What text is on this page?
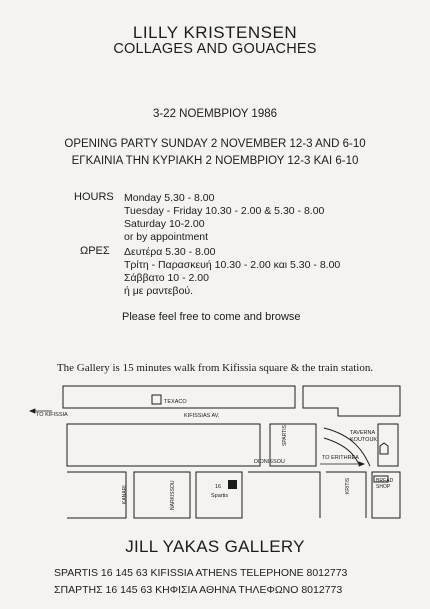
LILLY KRISTENSEN
COLLAGES AND GOUACHES
3-22 ΝΟΕΜΒΡΙΟΥ 1986
OPENING PARTY SUNDAY 2 NOVEMBER 12-3 AND 6-10
ΕΓΚΑΙΝΙΑ ΤΗΝ ΚΥΡΙΑΚΗ 2 ΝΟΕΜΒΡΙΟΥ 12-3 ΚΑΙ 6-10
HOURS Monday 5.30 - 8.00
Tuesday - Friday 10.30 - 2.00 & 5.30 - 8.00
Saturday 10-2.00
or by appointment
ΩΡΕΣ Δευτέρα 5.30 - 8.00
Τρίτη - Παρασκευή 10.30 - 2.00 και 5.30 - 8.00
Σάββατο 10 - 2.00
ή με ραντεβού.
Please feel free to come and browse
The Gallery is 15 minutes walk from Kifissia square & the train station.
TO KIFISSIA
TEXACO
KIFISSIAS AV.
SPARTIS	TAVERNA
KOUTOUKI
DIONISSOU
TO ERITHREA
BREAD
SHOP
KANARI	NARKISSOU	16
Spartis
KRITIS
JILL YAKAS GALLERY
SPARTIS 16 145 63 KIFISSIA ATHENS TELEPHONE 8012773
ΣΠΑΡΤΗΣ 16 145 63 ΚΗΦΙΣΙΑ ΑΘΗΝΑ ΤΗΛΕΦΩΝΟ 8012773
